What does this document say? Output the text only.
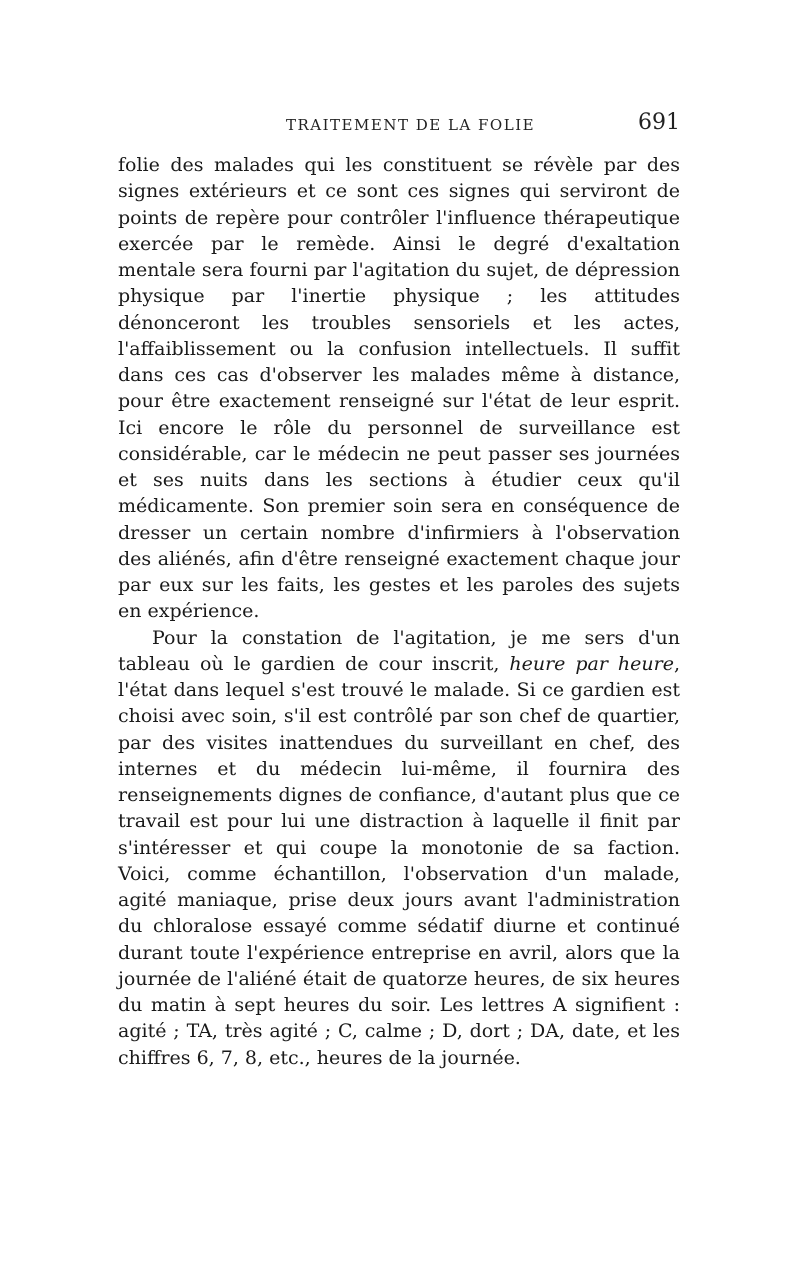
TRAITEMENT DE LA FOLIE	691

folie des malades qui les constituent se révèle par des signes extérieurs et ce sont ces signes qui serviront de points de repère pour contrôler l'influence thérapeutique exercée par le remède. Ainsi le degré d'exaltation mentale sera fourni par l'agitation du sujet, de dépression physique par l'inertie physique ; les attitudes dénonceront les troubles sensoriels et les actes, l'affaiblissement ou la confusion intellectuels. Il suffit dans ces cas d'observer les malades même à distance, pour être exactement renseigné sur l'état de leur esprit. Ici encore le rôle du personnel de surveillance est considérable, car le médecin ne peut passer ses journées et ses nuits dans les sections à étudier ceux qu'il médicamente. Son premier soin sera en conséquence de dresser un certain nombre d'infirmiers à l'observation des aliénés, afin d'être renseigné exactement chaque jour par eux sur les faits, les gestes et les paroles des sujets en expérience.

Pour la constation de l'agitation, je me sers d'un tableau où le gardien de cour inscrit, heure par heure, l'état dans lequel s'est trouvé le malade. Si ce gardien est choisi avec soin, s'il est contrôlé par son chef de quartier, par des visites inattendues du surveillant en chef, des internes et du médecin lui-même, il fournira des renseignements dignes de confiance, d'autant plus que ce travail est pour lui une distraction à laquelle il finit par s'intéresser et qui coupe la monotonie de sa faction. Voici, comme échantillon, l'observation d'un malade, agité maniaque, prise deux jours avant l'administration du chloralose essayé comme sédatif diurne et continué durant toute l'expérience entreprise en avril, alors que la journée de l'aliéné était de quatorze heures, de six heures du matin à sept heures du soir. Les lettres A signifient : agité ; TA, très agité ; C, calme ; D, dort ; DA, date, et les chiffres 6, 7, 8, etc., heures de la journée.
